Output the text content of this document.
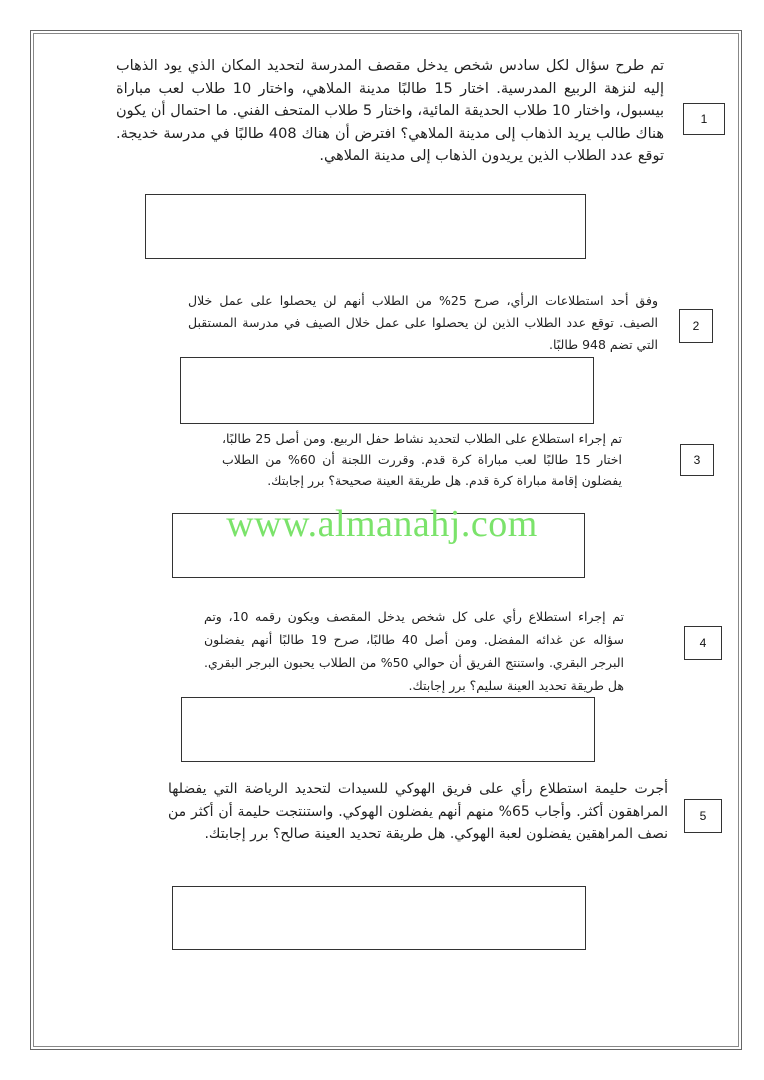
تم طرح سؤال لكل سادس شخص يدخل مقصف المدرسة لتحديد المكان الذي يود الذهاب إليه لنزهة الربيع المدرسية. اختار 15 طالبًا مدينة الملاهي، واختار 10 طلاب لعب مباراة بيسبول، واختار 10 طلاب الحديقة المائية، واختار 5 طلاب المتحف الفني. ما احتمال أن يكون هناك طالب يريد الذهاب إلى مدينة الملاهي؟ افترض أن هناك 408 طالبًا في مدرسة خديجة. توقع عدد الطلاب الذين يريدون الذهاب إلى مدينة الملاهي.

1

وفق أحد استطلاعات الرأي، صرح 25% من الطلاب أنهم لن يحصلوا على عمل خلال الصيف. توقع عدد الطلاب الذين لن يحصلوا على عمل خلال الصيف في مدرسة المستقبل التي تضم 948 طالبًا.

2

تم إجراء استطلاع على الطلاب لتحديد نشاط حفل الربيع. ومن أصل 25 طالبًا، اختار 15 طالبًا لعب مباراة كرة قدم. وقررت اللجنة أن 60% من الطلاب يفضلون إقامة مباراة كرة قدم. هل طريقة العينة صحيحة؟ برر إجابتك.

3
www.almanahj.com

تم إجراء استطلاع رأي على كل شخص يدخل المقصف ويكون رقمه 10، وتم سؤاله عن غدائه المفضل. ومن أصل 40 طالبًا، صرح 19 طالبًا أنهم يفضلون البرجر البقري. واستنتج الفريق أن حوالي 50% من الطلاب يحبون البرجر البقري. هل طريقة تحديد العينة سليم؟ برر إجابتك.

4

أجرت حليمة استطلاع رأي على فريق الهوكي للسيدات لتحديد الرياضة التي يفضلها المراهقون أكثر. وأجاب 65% منهم أنهم يفضلون الهوكي. واستنتجت حليمة أن أكثر من نصف المراهقين يفضلون لعبة الهوكي. هل طريقة تحديد العينة صالح؟ برر إجابتك.

5
